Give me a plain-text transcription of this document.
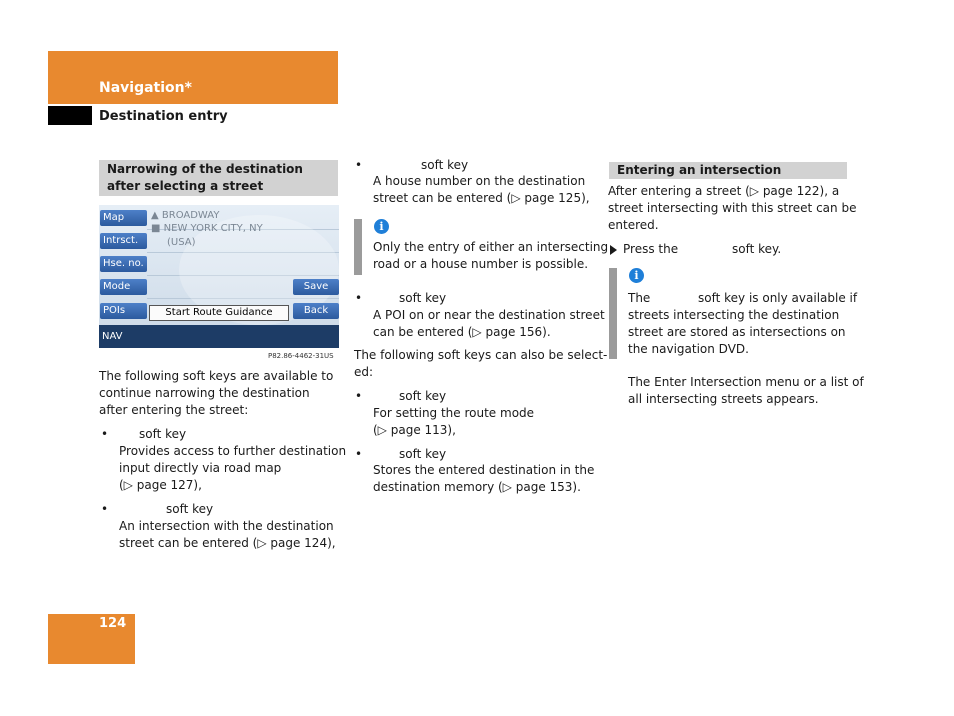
Navigation*
Destination entry
Narrowing of the destination after selecting a street
Map
Intrsct.
Hse. no.
Mode
POIs
Save
Back
▲ BROADWAY
■ NEW YORK CITY, NY
(USA)
Start Route Guidance
NAV
P82.86-4462-31US
The following soft keys are available to continue narrowing the destination after entering the street:
•	soft key
Provides access to further destination
input directly via road map
(▷ page 127),
•	soft key
An intersection with the destination
street can be entered (▷ page 124),
•	soft key
A house number on the destination
street can be entered (▷ page 125),
i
Only the entry of either an intersecting
road or a house number is possible.
•	soft key
A POI on or near the destination street
can be entered (▷ page 156).
The following soft keys can also be select-
ed:
•	soft key
For setting the route mode
(▷ page 113),
•	soft key
Stores the entered destination in the
destination memory (▷ page 153).
Entering an intersection
After entering a street (▷ page 122), a
street intersecting with this street can be
entered.
Press the	soft key.
i
The	soft key is only available if
streets intersecting the destination
street are stored as intersections on
the navigation DVD.
The Enter Intersection menu or a list of
all intersecting streets appears.
124
